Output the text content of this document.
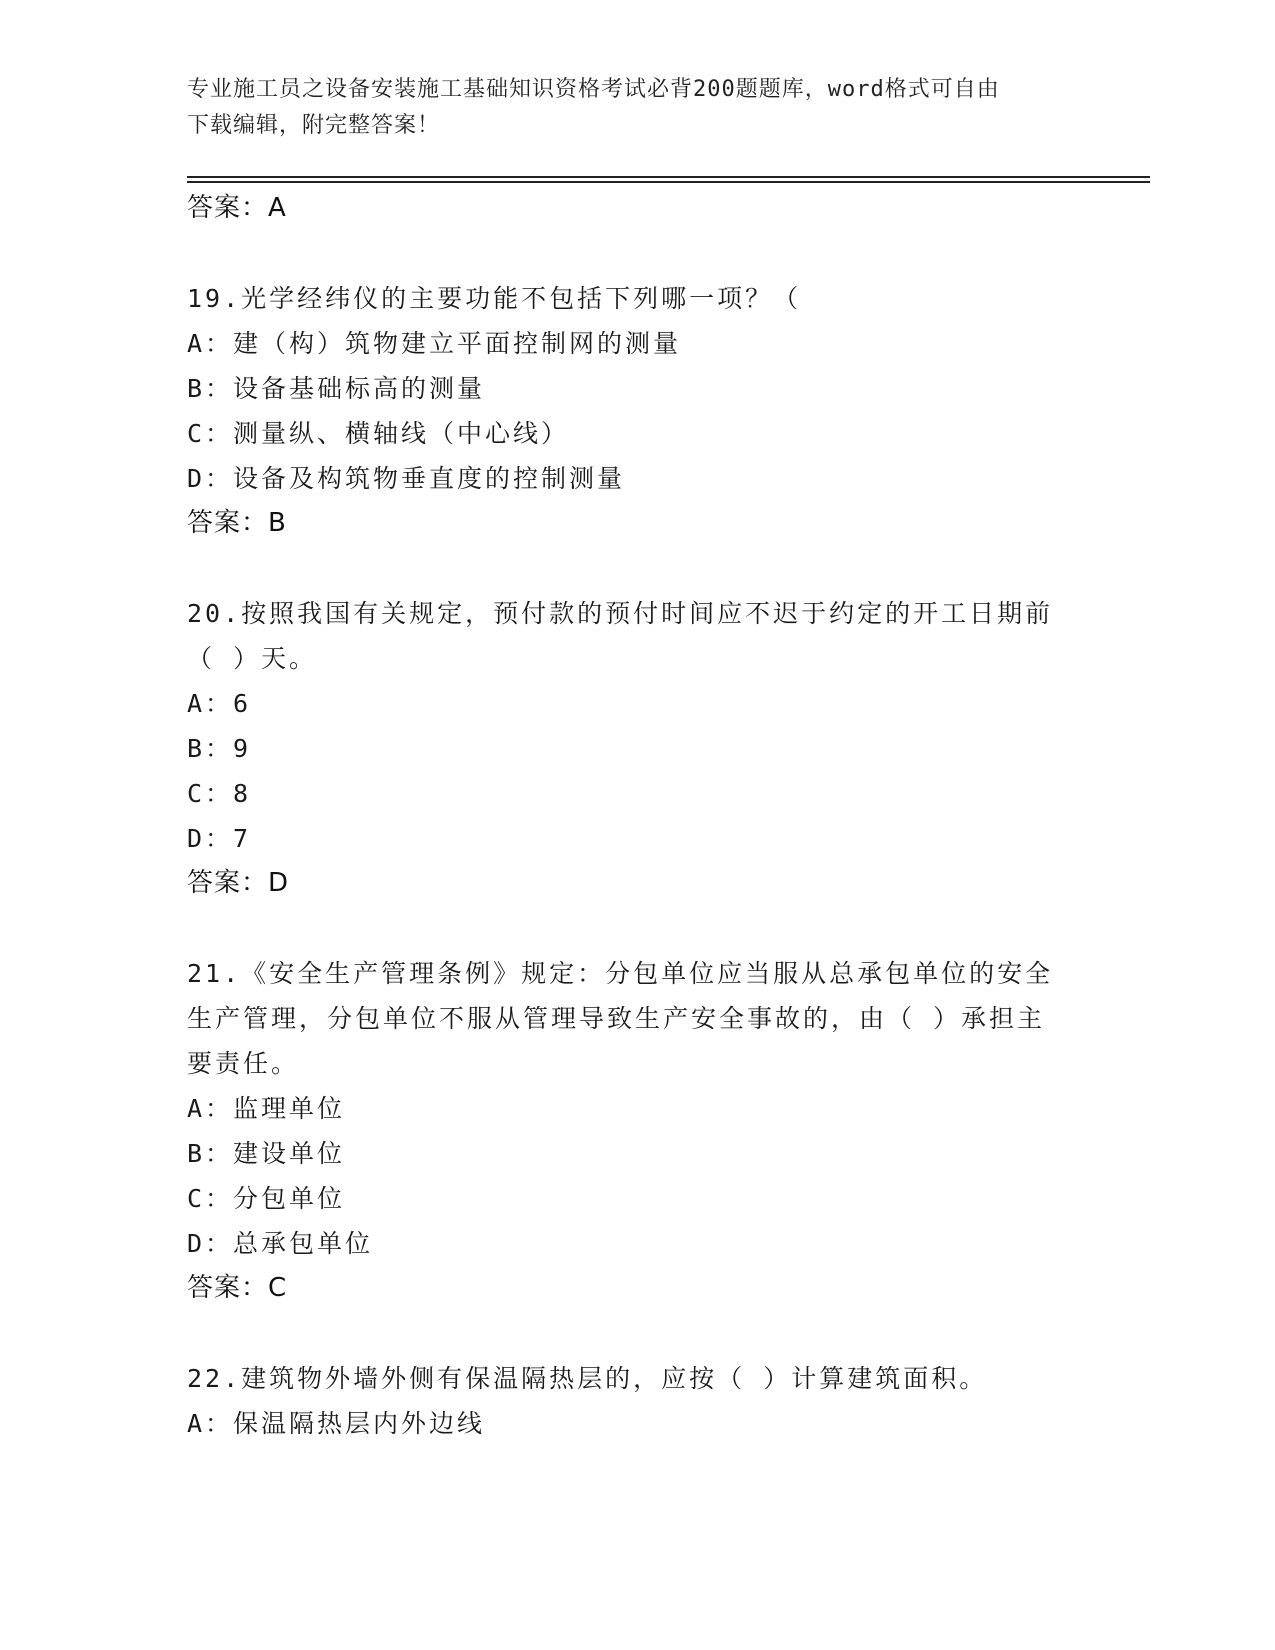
专业施工员之设备安装施工基础知识资格考试必背200题题库，word格式可自由
下载编辑，附完整答案！
答案：A
19.光学经纬仪的主要功能不包括下列哪一项？（
A：建（构）筑物建立平面控制网的测量
B：设备基础标高的测量
C：测量纵、横轴线（中心线）
D：设备及构筑物垂直度的控制测量
答案：B
20.按照我国有关规定，预付款的预付时间应不迟于约定的开工日期前
（ ）天。
A：6
B：9
C：8
D：7
答案：D
21.《安全生产管理条例》规定：分包单位应当服从总承包单位的安全
生产管理，分包单位不服从管理导致生产安全事故的，由（ ）承担主
要责任。
A：监理单位
B：建设单位
C：分包单位
D：总承包单位
答案：C
22.建筑物外墙外侧有保温隔热层的，应按（ ）计算建筑面积。
A：保温隔热层内外边线
